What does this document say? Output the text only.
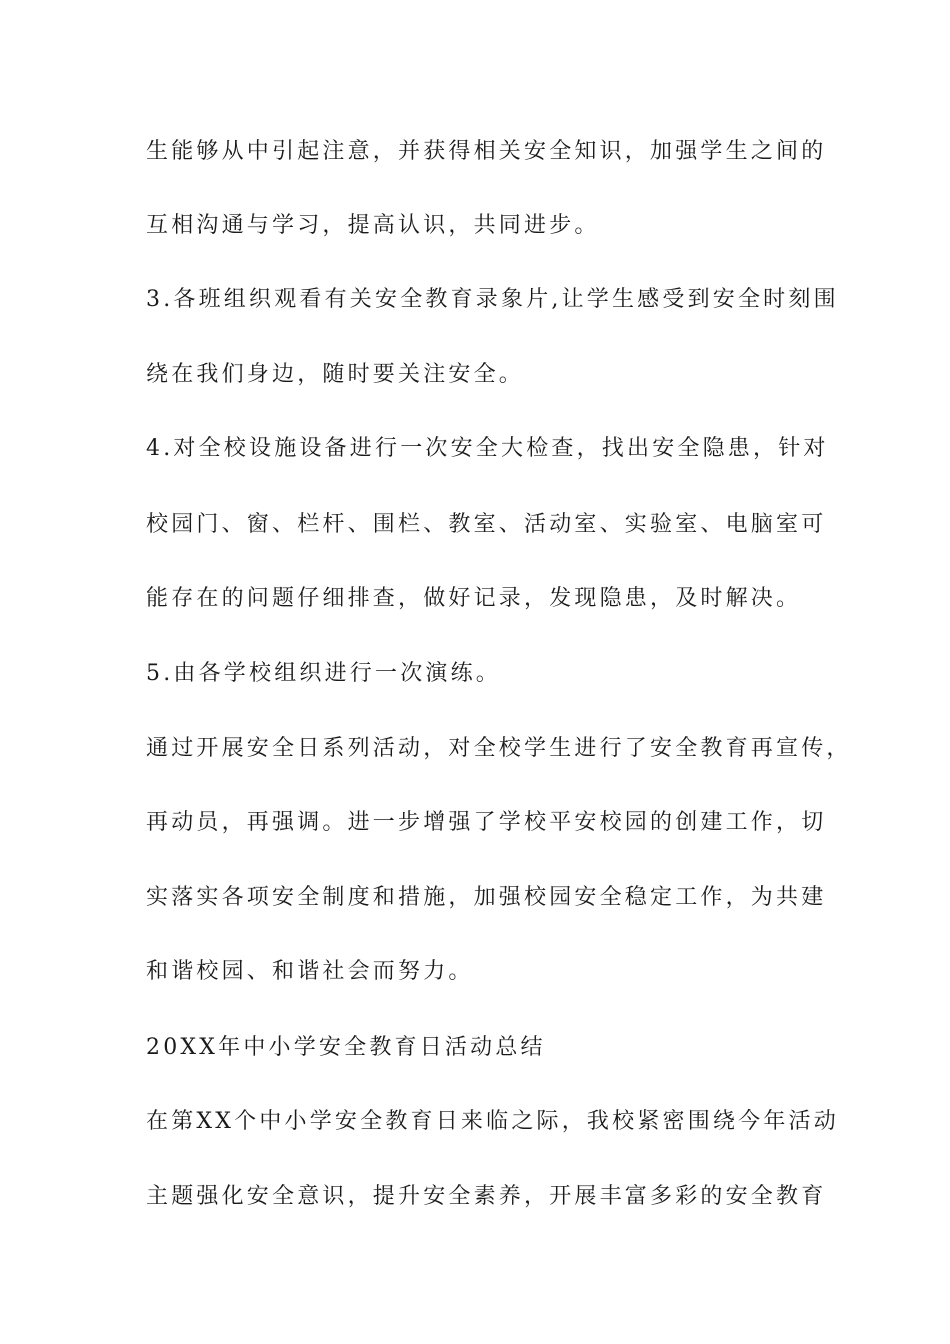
生能够从中引起注意，并获得相关安全知识，加强学生之间的
互相沟通与学习，提高认识，共同进步。
3.各班组织观看有关安全教育录象片,让学生感受到安全时刻围
绕在我们身边，随时要关注安全。
4.对全校设施设备进行一次安全大检查，找出安全隐患，针对
校园门、窗、栏杆、围栏、教室、活动室、实验室、电脑室可
能存在的问题仔细排查，做好记录，发现隐患，及时解决。
5.由各学校组织进行一次演练。
通过开展安全日系列活动，对全校学生进行了安全教育再宣传，
再动员，再强调。进一步增强了学校平安校园的创建工作，切
实落实各项安全制度和措施，加强校园安全稳定工作，为共建
和谐校园、和谐社会而努力。
20XX年中小学安全教育日活动总结
在第XX个中小学安全教育日来临之际，我校紧密围绕今年活动
主题强化安全意识，提升安全素养，开展丰富多彩的安全教育
